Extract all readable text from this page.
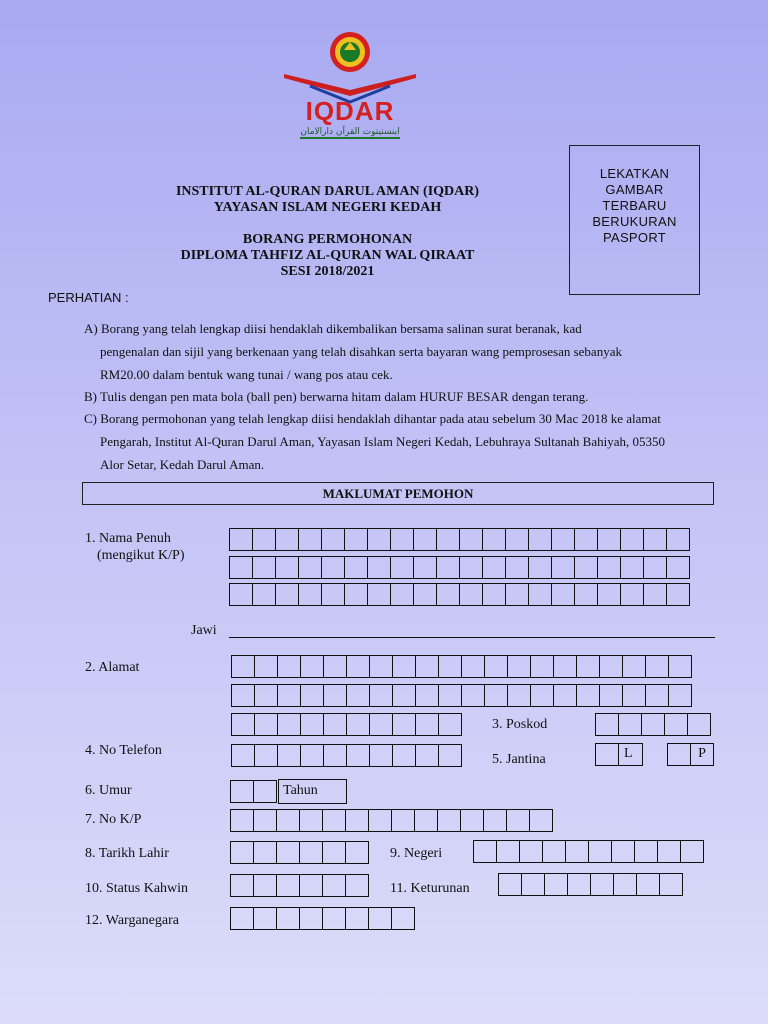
IQDAR
اينستيتوت القرآن دارالامان
INSTITUT AL-QURAN DARUL AMAN (IQDAR)
YAYASAN ISLAM NEGERI KEDAH
BORANG PERMOHONAN
DIPLOMA TAHFIZ AL-QURAN WAL QIRAAT
SESI 2018/2021
LEKATKAN
GAMBAR
TERBARU
BERUKURAN
PASPORT
PERHATIAN :
A) Borang yang telah lengkap diisi hendaklah dikembalikan bersama salinan surat beranak, kad
pengenalan dan sijil yang berkenaan yang telah disahkan serta bayaran wang pemprosesan sebanyak
RM20.00 dalam bentuk wang tunai / wang pos atau cek.
B) Tulis dengan pen mata bola (ball pen) berwarna hitam dalam HURUF BESAR dengan terang.
C) Borang permohonan yang telah lengkap diisi hendaklah dihantar pada atau sebelum 30 Mac 2018 ke alamat
Pengarah, Institut Al-Quran Darul Aman, Yayasan Islam Negeri Kedah, Lebuhraya Sultanah Bahiyah, 05350
Alor Setar, Kedah Darul Aman.
MAKLUMAT PEMOHON
1. Nama Penuh
(mengikut K/P)
Jawi
2. Alamat
3. Poskod
4. No Telefon
5. Jantina	L	P
6. Umur	Tahun
7. No K/P
8. Tarikh Lahir	9. Negeri
10. Status Kahwin	11. Keturunan
12. Warganegara
